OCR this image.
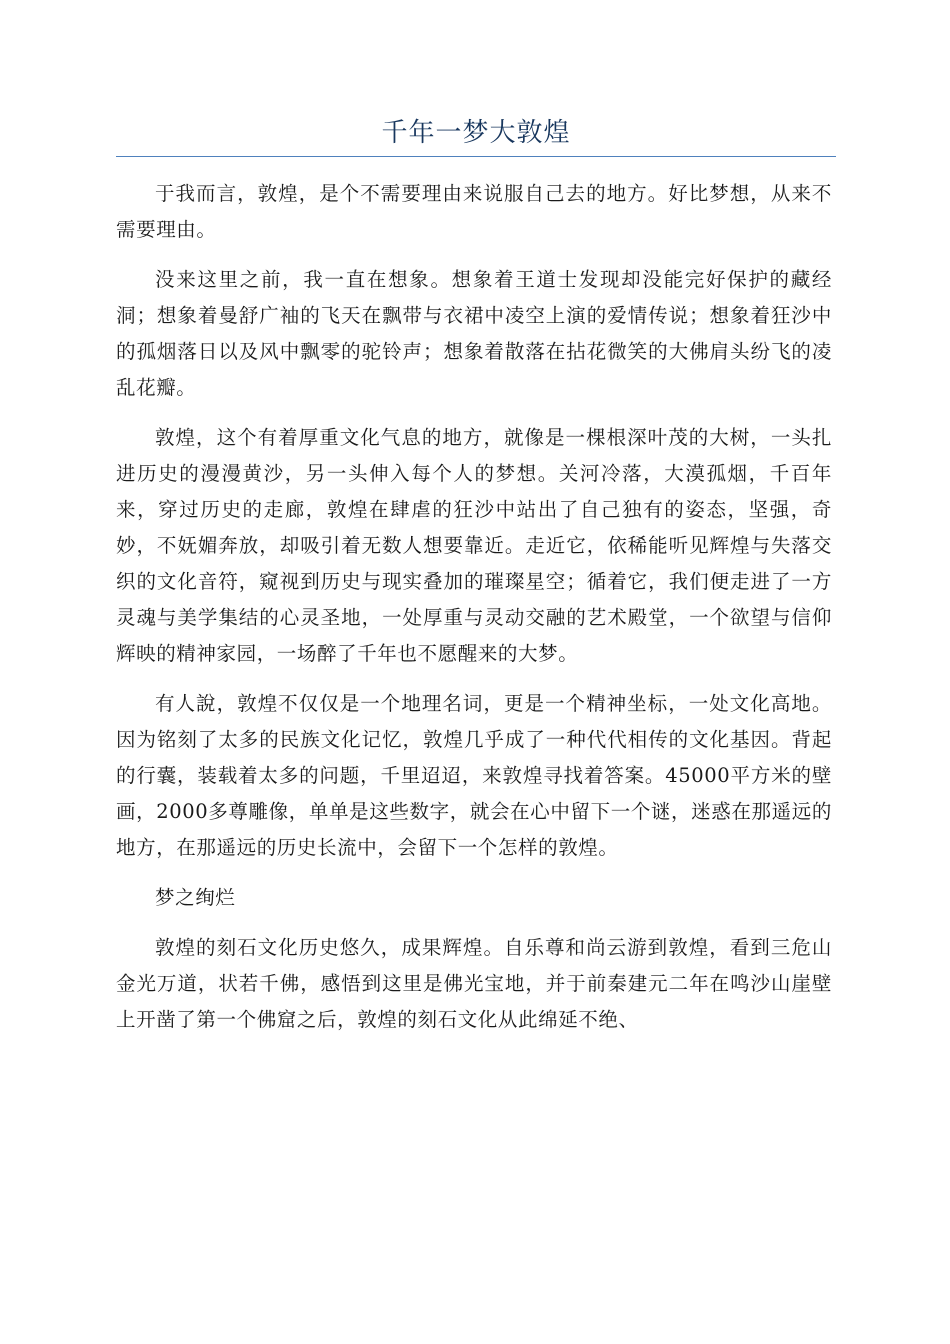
千年一梦大敦煌

于我而言，敦煌，是个不需要理由来说服自己去的地方。好比梦想，从来不需要理由。

没来这里之前，我一直在想象。想象着王道士发现却没能完好保护的藏经洞；想象着曼舒广袖的飞天在飘带与衣裙中凌空上演的爱情传说；想象着狂沙中的孤烟落日以及风中飘零的驼铃声；想象着散落在拈花微笑的大佛肩头纷飞的凌乱花瓣。

敦煌，这个有着厚重文化气息的地方，就像是一棵根深叶茂的大树，一头扎进历史的漫漫黄沙，另一头伸入每个人的梦想。关河冷落，大漠孤烟，千百年来，穿过历史的走廊，敦煌在肆虐的狂沙中站出了自己独有的姿态，坚强，奇妙，不妩媚奔放，却吸引着无数人想要靠近。走近它，依稀能听见辉煌与失落交织的文化音符，窥视到历史与现实叠加的璀璨星空；循着它，我们便走进了一方灵魂与美学集结的心灵圣地，一处厚重与灵动交融的艺术殿堂，一个欲望与信仰辉映的精神家园，一场醉了千年也不愿醒来的大梦。

有人說，敦煌不仅仅是一个地理名词，更是一个精神坐标，一处文化高地。因为铭刻了太多的民族文化记忆，敦煌几乎成了一种代代相传的文化基因。背起的行囊，装载着太多的问题，千里迢迢，来敦煌寻找着答案。45000平方米的壁画，2000多尊雕像，单单是这些数字，就会在心中留下一个谜，迷惑在那遥远的地方，在那遥远的历史长流中，会留下一个怎样的敦煌。

梦之绚烂

敦煌的刻石文化历史悠久，成果辉煌。自乐尊和尚云游到敦煌，看到三危山金光万道，状若千佛，感悟到这里是佛光宝地，并于前秦建元二年在鸣沙山崖壁上开凿了第一个佛窟之后，敦煌的刻石文化从此绵延不绝、
